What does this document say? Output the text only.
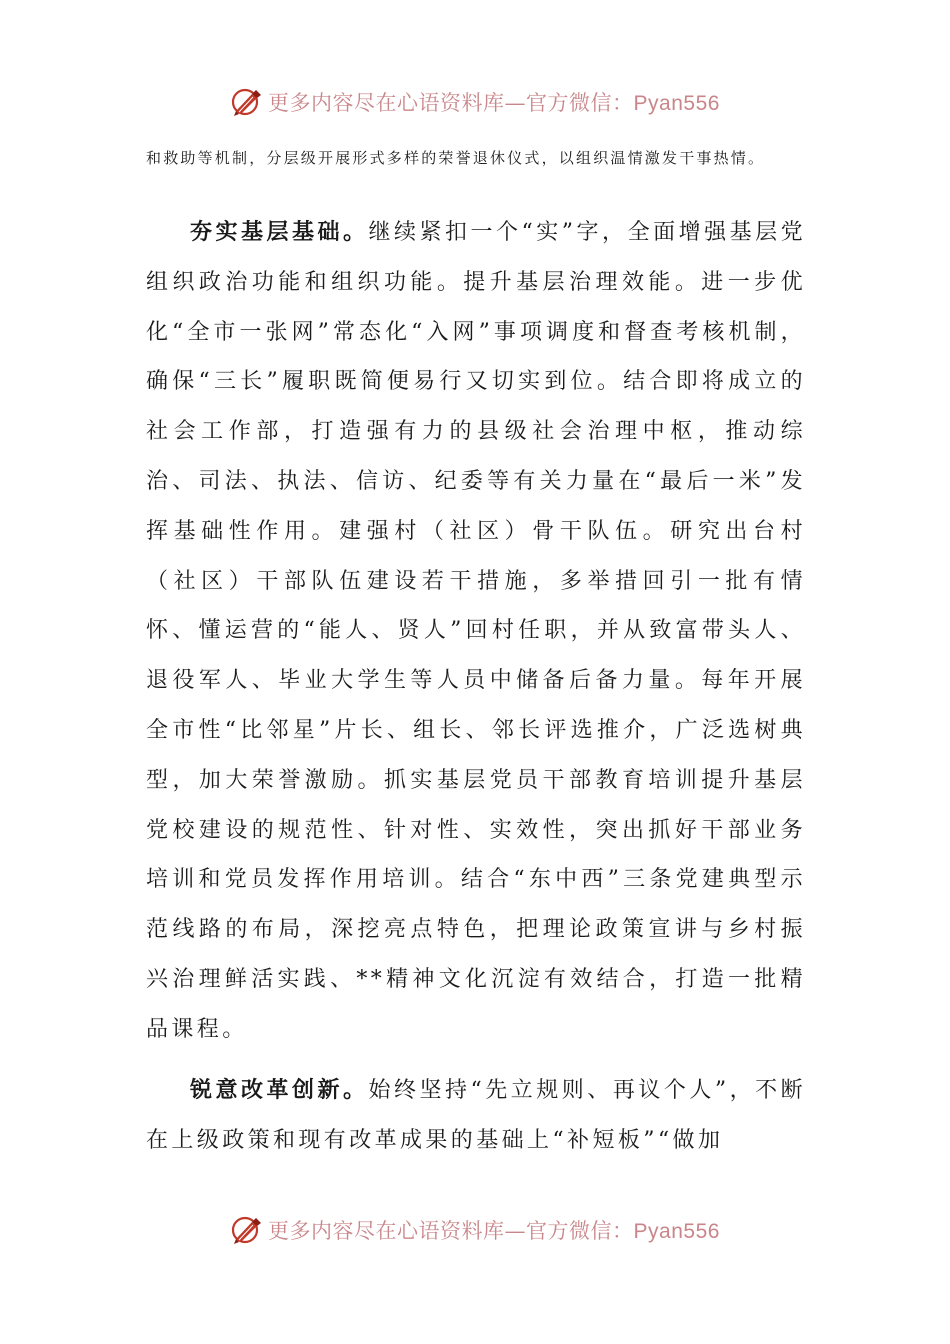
更多内容尽在心语资料库—官方微信：Pyan556

和救助等机制，分层级开展形式多样的荣誉退休仪式，以组织温情激发干事热情。

夯实基层基础。继续紧扣一个“实”字，全面增强基层党组织政治功能和组织功能。提升基层治理效能。进一步优化“全市一张网”常态化“入网”事项调度和督查考核机制，确保“三长”履职既简便易行又切实到位。结合即将成立的社会工作部，打造强有力的县级社会治理中枢，推动综治、司法、执法、信访、纪委等有关力量在“最后一米”发挥基础性作用。建强村（社区）骨干队伍。研究出台村（社区）干部队伍建设若干措施，多举措回引一批有情怀、懂运营的“能人、贤人”回村任职，并从致富带头人、退役军人、毕业大学生等人员中储备后备力量。每年开展全市性“比邻星”片长、组长、邻长评选推介，广泛选树典型，加大荣誉激励。抓实基层党员干部教育培训提升基层党校建设的规范性、针对性、实效性，突出抓好干部业务培训和党员发挥作用培训。结合“东中西”三条党建典型示范线路的布局，深挖亮点特色，把理论政策宣讲与乡村振兴治理鲜活实践、**精神文化沉淀有效结合，打造一批精品课程。

锐意改革创新。始终坚持“先立规则、再议个人”，不断在上级政策和现有改革成果的基础上“补短板”“做加

更多内容尽在心语资料库—官方微信：Pyan556
